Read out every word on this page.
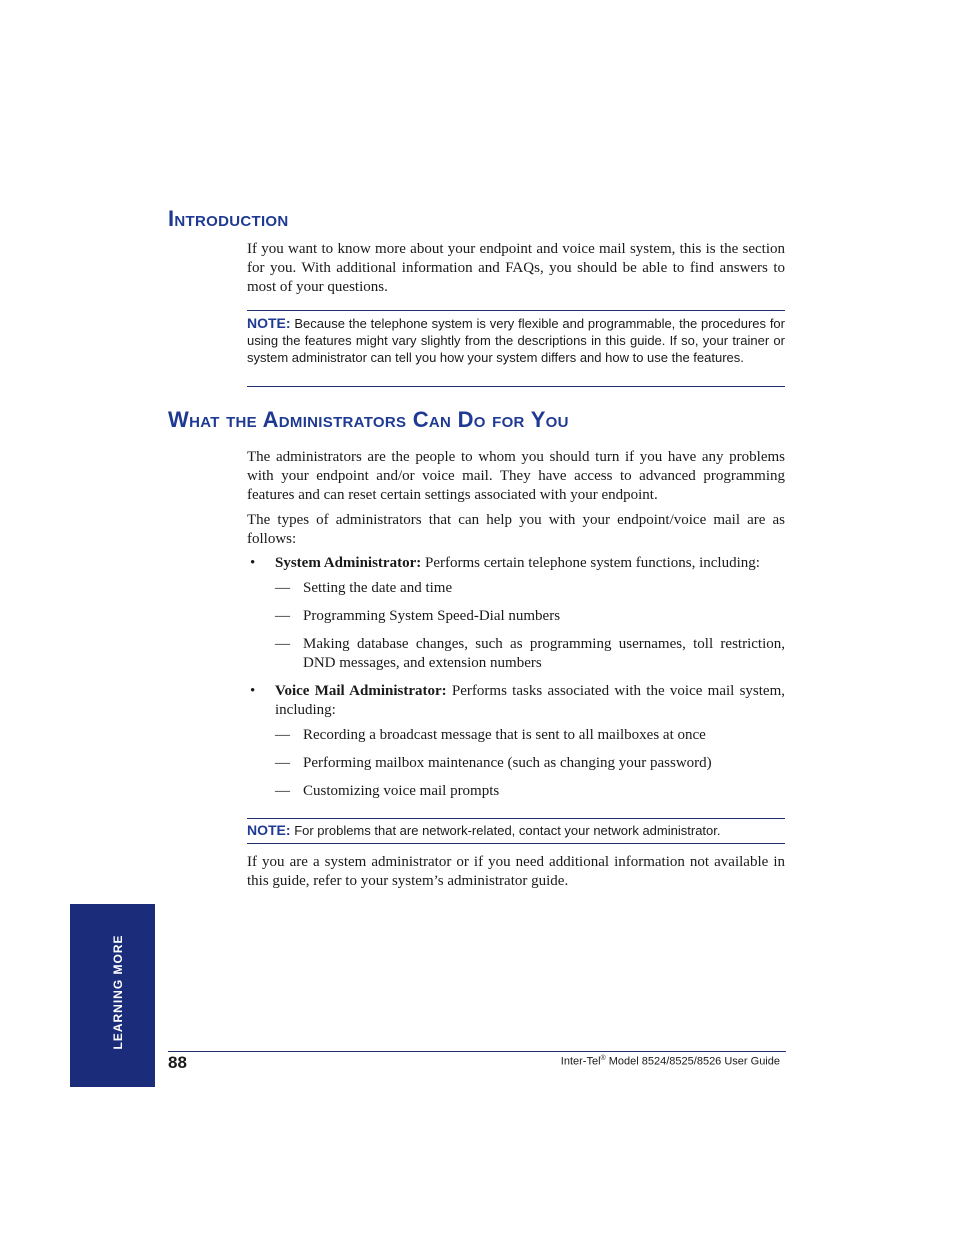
Introduction

If you want to know more about your endpoint and voice mail system, this is the section for you. With additional information and FAQs, you should be able to find answers to most of your questions.

NOTE: Because the telephone system is very flexible and programmable, the procedures for using the features might vary slightly from the descriptions in this guide. If so, your trainer or system administrator can tell you how your system differs and how to use the features.
What the Administrators Can Do for You

The administrators are the people to whom you should turn if you have any problems with your endpoint and/or voice mail. They have access to advanced programming features and can reset certain settings associated with your endpoint.

The types of administrators that can help you with your endpoint/voice mail are as follows:

• System Administrator: Performs certain telephone system functions, including:
— Setting the date and time
— Programming System Speed-Dial numbers
— Making database changes, such as programming usernames, toll restriction, DND messages, and extension numbers
• Voice Mail Administrator: Performs tasks associated with the voice mail system, including:
— Recording a broadcast message that is sent to all mailboxes at once
— Performing mailbox maintenance (such as changing your password)
— Customizing voice mail prompts
NOTE: For problems that are network-related, contact your network administrator.

If you are a system administrator or if you need additional information not available in this guide, refer to your system’s administrator guide.

LEARNING MORE
88	Inter-Tel® Model 8524/8525/8526 User Guide
